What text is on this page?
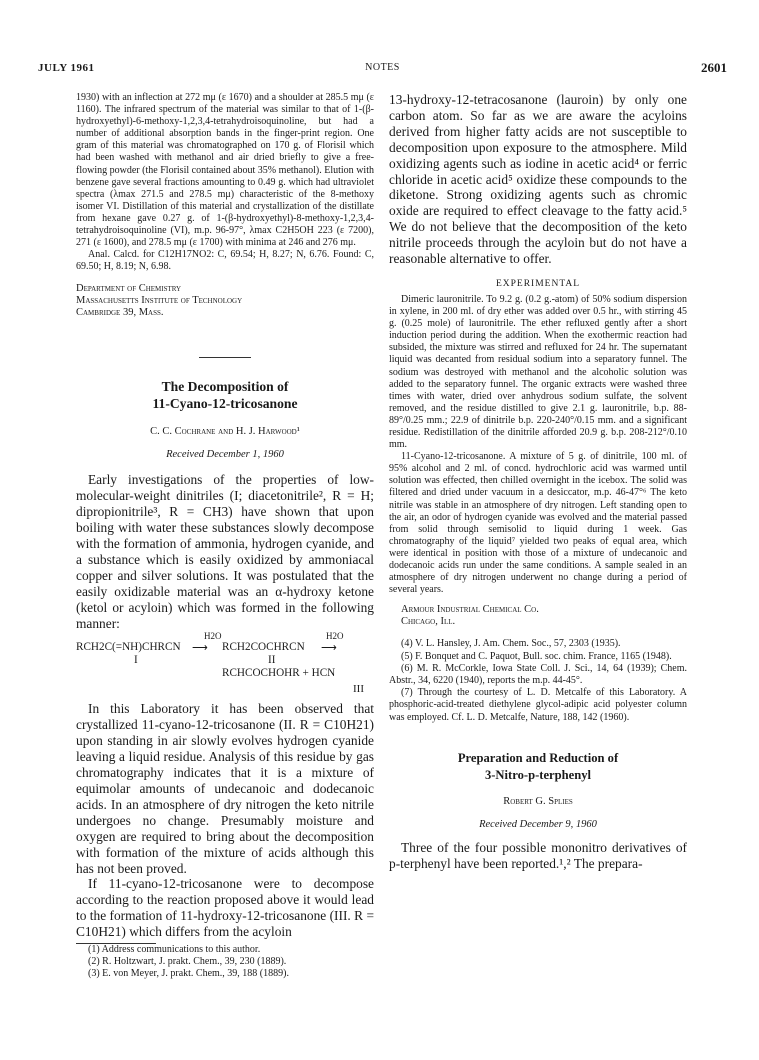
JULY 1961	NOTES	2601

1930) with an inflection at 272 mμ (ε 1670) and a shoulder at 285.5 mμ (ε 1160). The infrared spectrum of the material was similar to that of 1-(β-hydroxyethyl)-6-methoxy-1,2,3,4-tetrahydroisoquinoline, but had a number of additional absorption bands in the finger-print region. One gram of this material was chromatographed on 170 g. of Florisil which had been washed with methanol and air dried briefly to give a free-flowing powder (the Florisil contained about 35% methanol). Elution with benzene gave several fractions amounting to 0.49 g. which had ultraviolet spectra (λmax 271.5 and 278.5 mμ) characteristic of the 8-methoxy isomer VI. Distillation of this material and crystallization of the distillate from hexane gave 0.27 g. of 1-(β-hydroxyethyl)-8-methoxy-1,2,3,4-tetrahydroisoquinoline (VI), m.p. 96-97°, λmax C2H5OH 223 (ε 7200), 271 (ε 1600), and 278.5 mμ (ε 1700) with minima at 246 and 276 mμ.

Anal. Calcd. for C12H17NO2: C, 69.54; H, 8.27; N, 6.76. Found: C, 69.50; H, 8.19; N, 6.98.

Department of Chemistry

Massachusetts Institute of Technology

Cambridge 39, Mass.

The Decomposition of

11-Cyano-12-tricosanone

C. C. Cochrane and H. J. Harwood¹

Received December 1, 1960

Early investigations of the properties of low-molecular-weight dinitriles (I; diacetonitrile², R = H; dipropionitrile³, R = CH3) have shown that upon boiling with water these substances slowly decompose with the formation of ammonia, hydrogen cyanide, and a substance which is easily oxidized by ammoniacal copper and silver solutions. It was postulated that the easily oxidizable material was an α-hydroxy ketone (ketol or acyloin) which was formed in the following manner:

RCH2C(=NH)CHRCN
H2O
⟶ RCH2COCHRCN
H2O
⟶
I	II
RCHCOCHOHR + HCN
III

In this Laboratory it has been observed that crystallized 11-cyano-12-tricosanone (II. R = C10H21) upon standing in air slowly evolves hydrogen cyanide leaving a liquid residue. Analysis of this residue by gas chromatography indicates that it is a mixture of equimolar amounts of undecanoic and dodecanoic acids. In an atmosphere of dry nitrogen the keto nitrile undergoes no change. Presumably moisture and oxygen are required to bring about the decomposition with formation of the mixture of acids although this has not been proved.

If 11-cyano-12-tricosanone were to decompose according to the reaction proposed above it would lead to the formation of 11-hydroxy-12-tricosanone (III. R = C10H21) which differs from the acyloin

(1) Address communications to this author.

(2) R. Holtzwart, J. prakt. Chem., 39, 230 (1889).

(3) E. von Meyer, J. prakt. Chem., 39, 188 (1889).

13-hydroxy-12-tetracosanone (lauroin) by only one carbon atom. So far as we are aware the acyloins derived from higher fatty acids are not susceptible to decomposition upon exposure to the atmosphere. Mild oxidizing agents such as iodine in acetic acid⁴ or ferric chloride in acetic acid⁵ oxidize these compounds to the diketone. Strong oxidizing agents such as chromic oxide are required to effect cleavage to the fatty acid.⁵ We do not believe that the decomposition of the keto nitrile proceeds through the acyloin but do not have a reasonable alternative to offer.

EXPERIMENTAL

Dimeric lauronitrile. To 9.2 g. (0.2 g.-atom) of 50% sodium dispersion in xylene, in 200 ml. of dry ether was added over 0.5 hr., with stirring 45 g. (0.25 mole) of lauronitrile. The ether refluxed gently after a short induction period during the addition. When the exothermic reaction had subsided, the mixture was stirred and refluxed for 24 hr. The supernatant liquid was decanted from residual sodium into a separatory funnel. The sodium was destroyed with methanol and the alcoholic solution was added to the separatory funnel. The organic extracts were washed three times with water, dried over anhydrous sodium sulfate, the solvent removed, and the residue distilled to give 2.1 g. lauronitrile, b.p. 88-89°/0.25 mm.; 22.9 of dinitrile b.p. 220-240°/0.15 mm. and a significant residue. Redistillation of the dinitrile afforded 20.9 g. b.p. 208-212°/0.10 mm.

11-Cyano-12-tricosanone. A mixture of 5 g. of dinitrile, 100 ml. of 95% alcohol and 2 ml. of concd. hydrochloric acid was warmed until solution was effected, then chilled overnight in the icebox. The solid was filtered and dried under vacuum in a desiccator, m.p. 46-47°⁶ The keto nitrile was stable in an atmosphere of dry nitrogen. Left standing open to the air, an odor of hydrogen cyanide was evolved and the material passed from solid through semisolid to liquid during 1 week. Gas chromatography of the liquid⁷ yielded two peaks of equal area, which were identical in position with those of a mixture of undecanoic and dodecanoic acids run under the same conditions. A sample sealed in an atmosphere of dry nitrogen underwent no change during a period of several years.

Armour Industrial Chemical Co.

Chicago, Ill.

(4) V. L. Hansley, J. Am. Chem. Soc., 57, 2303 (1935).

(5) F. Bonquet and C. Paquot, Bull. soc. chim. France, 1165 (1948).

(6) M. R. McCorkle, Iowa State Coll. J. Sci., 14, 64 (1939); Chem. Abstr., 34, 6220 (1940), reports the m.p. 44-45°.

(7) Through the courtesy of L. D. Metcalfe of this Laboratory. A phosphoric-acid-treated diethylene glycol-adipic acid polyester column was employed. Cf. L. D. Metcalfe, Nature, 188, 142 (1960).

Preparation and Reduction of

3-Nitro-p-terphenyl

Robert G. Splies

Received December 9, 1960

Three of the four possible mononitro derivatives of p-terphenyl have been reported.¹,² The prepara-
